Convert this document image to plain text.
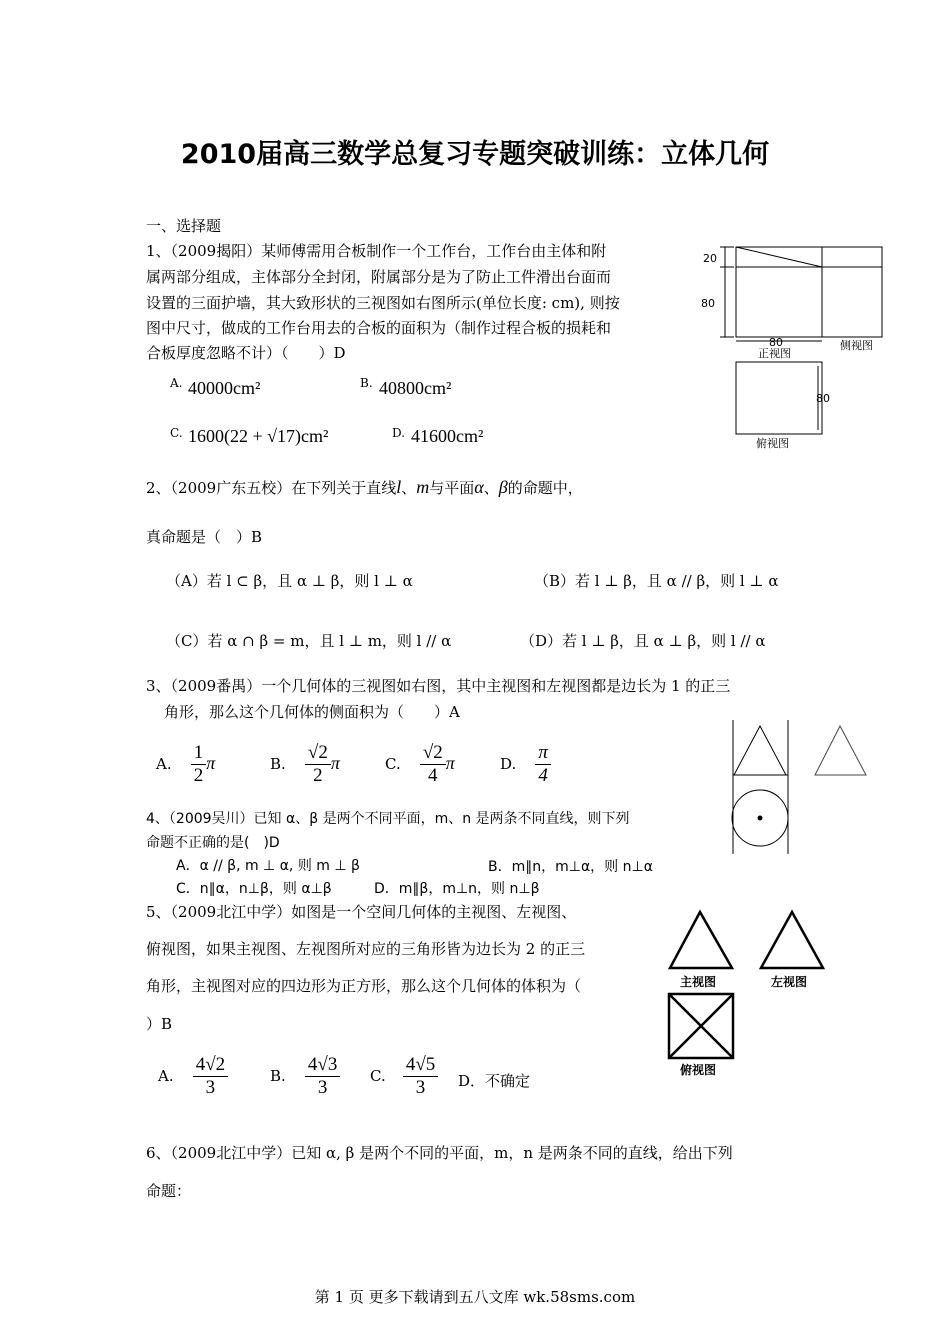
2010届高三数学总复习专题突破训练：立体几何
一、选择题
1、（2009揭阳）某师傅需用合板制作一个工作台，工作台由主体和附
属两部分组成，主体部分全封闭，附属部分是为了防止工件滑出台面而
设置的三面护墙，其大致形状的三视图如右图所示(单位长度: cm), 则按
图中尺寸，做成的工作台用去的合板的面积为（制作过程合板的损耗和
合板厚度忽略不计）（　　）D
A. 40000cm²	B. 40800cm²
C. 1600(22 + √17)cm²	D. 41600cm²
20
80
80
正视图
侧视图
80
俯视图
2、（2009广东五校）在下列关于直线l、m与平面α、β的命题中，
真命题是（　）B
（A）若 l ⊂ β，且 α ⊥ β，则 l ⊥ α	（B）若 l ⊥ β，且 α // β，则 l ⊥ α
（C）若 α ∩ β = m，且 l ⊥ m，则 l // α	（D）若 l ⊥ β，且 α ⊥ β，则 l // α
3、（2009番禺）一个几何体的三视图如右图，其中主视图和左视图都是边长为 1 的正三
角形，那么这个几何体的侧面积为（　　）A
A. $\frac{1}{2}$ π	B. $\frac{√2}{2}$ π	C. $\frac{√2}{4}$ π	D. $\frac{\pi}{4}$
4、（2009吴川）已知 α、β 是两个不同平面，m、n 是两条不同直线，则下列
命题不正确的是(　)D
A．α // β, m ⊥ α, 则 m ⊥ β	B．m∥n，m⊥α，则 n⊥α
C．n∥α，n⊥β，则 α⊥β	D．m∥β，m⊥n，则 n⊥β
5、（2009北江中学）如图是一个空间几何体的主视图、左视图、
俯视图，如果主视图、左视图所对应的三角形皆为边长为 2 的正三
角形，主视图对应的四边形为正方形，那么这个几何体的体积为（
）B
A. $\frac{4√2}{3}$	B. $\frac{4√3}{3} C$. $\frac{4√5}{3}$ D．不确定
主视图	左视图
俯视图
6、（2009北江中学）已知 α, β 是两个不同的平面，m，n 是两条不同的直线，给出下列
命题：
第 1 页 更多下载请到五八文库 wk.58sms.com
